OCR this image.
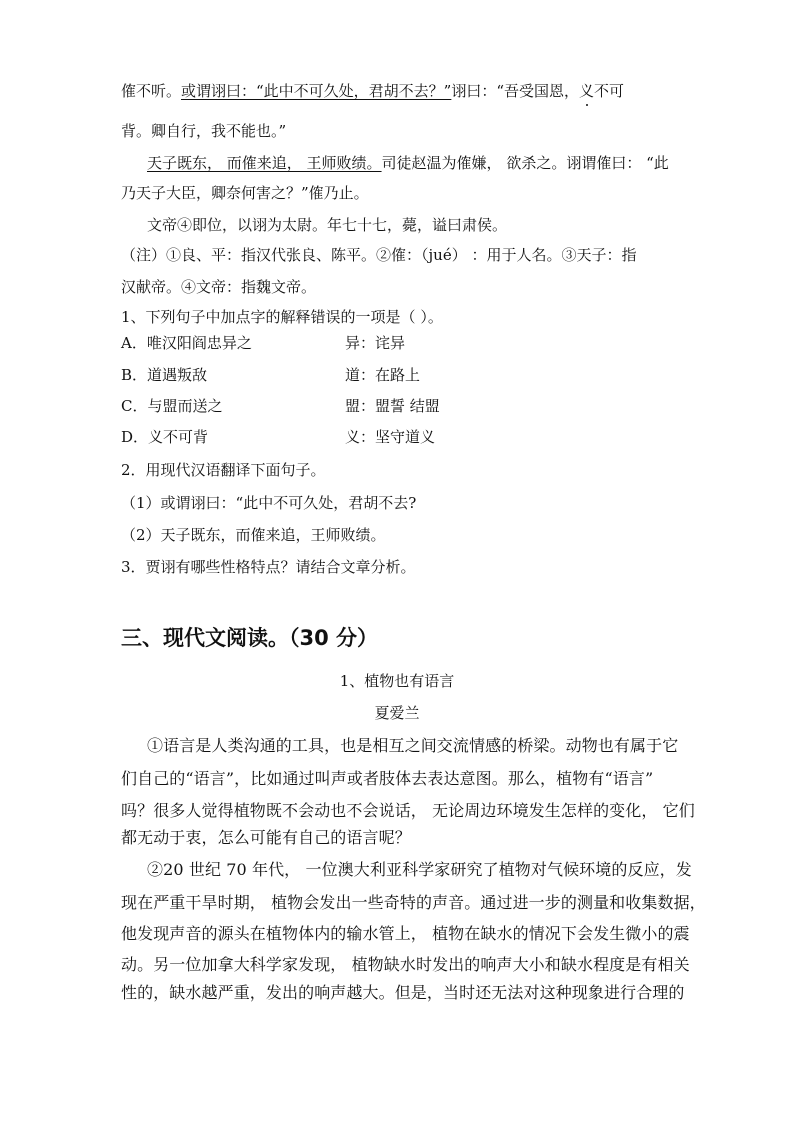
傕不听。或谓诩曰：“此中不可久处，君胡不去？”诩曰：“吾受国恩，义不可
背。卿自行，我不能也。”
天子既东， 而傕来追， 王师败绩。司徒赵温为傕嫌， 欲杀之。诩谓傕曰： “此
乃天子大臣，卿奈何害之？”傕乃止。
文帝④即位，以诩为太尉。年七十七，薨，谥曰肃侯。
（注）①良、平：指汉代张良、陈平。②傕：（jué） ：用于人名。③天子：指
汉献帝。④文帝：指魏文帝。
1、下列句子中加点字的解释错误的一项是（ ）。
A．唯汉阳阎忠异之	异：诧异
B．道遇叛敌	道：在路上
C．与盟而送之	盟：盟誓 结盟
D．义不可背	义：坚守道义
2．用现代汉语翻译下面句子。
（1）或谓诩曰：“此中不可久处，君胡不去?
（2）天子既东，而傕来追，王师败绩。
3．贾诩有哪些性格特点？请结合文章分析。
三、现代文阅读。（30 分）
1、植物也有语言
夏爱兰
①语言是人类沟通的工具，也是相互之间交流情感的桥梁。动物也有属于它
们自己的“语言”，比如通过叫声或者肢体去表达意图。那么，植物有“语言”
吗？很多人觉得植物既不会动也不会说话， 无论周边环境发生怎样的变化， 它们
都无动于衷，怎么可能有自己的语言呢？
②20 世纪 70 年代， 一位澳大利亚科学家研究了植物对气候环境的反应，发
现在严重干旱时期， 植物会发出一些奇特的声音。通过进一步的测量和收集数据，
他发现声音的源头在植物体内的输水管上， 植物在缺水的情况下会发生微小的震
动。另一位加拿大科学家发现， 植物缺水时发出的响声大小和缺水程度是有相关
性的，缺水越严重，发出的响声越大。但是，当时还无法对这种现象进行合理的
